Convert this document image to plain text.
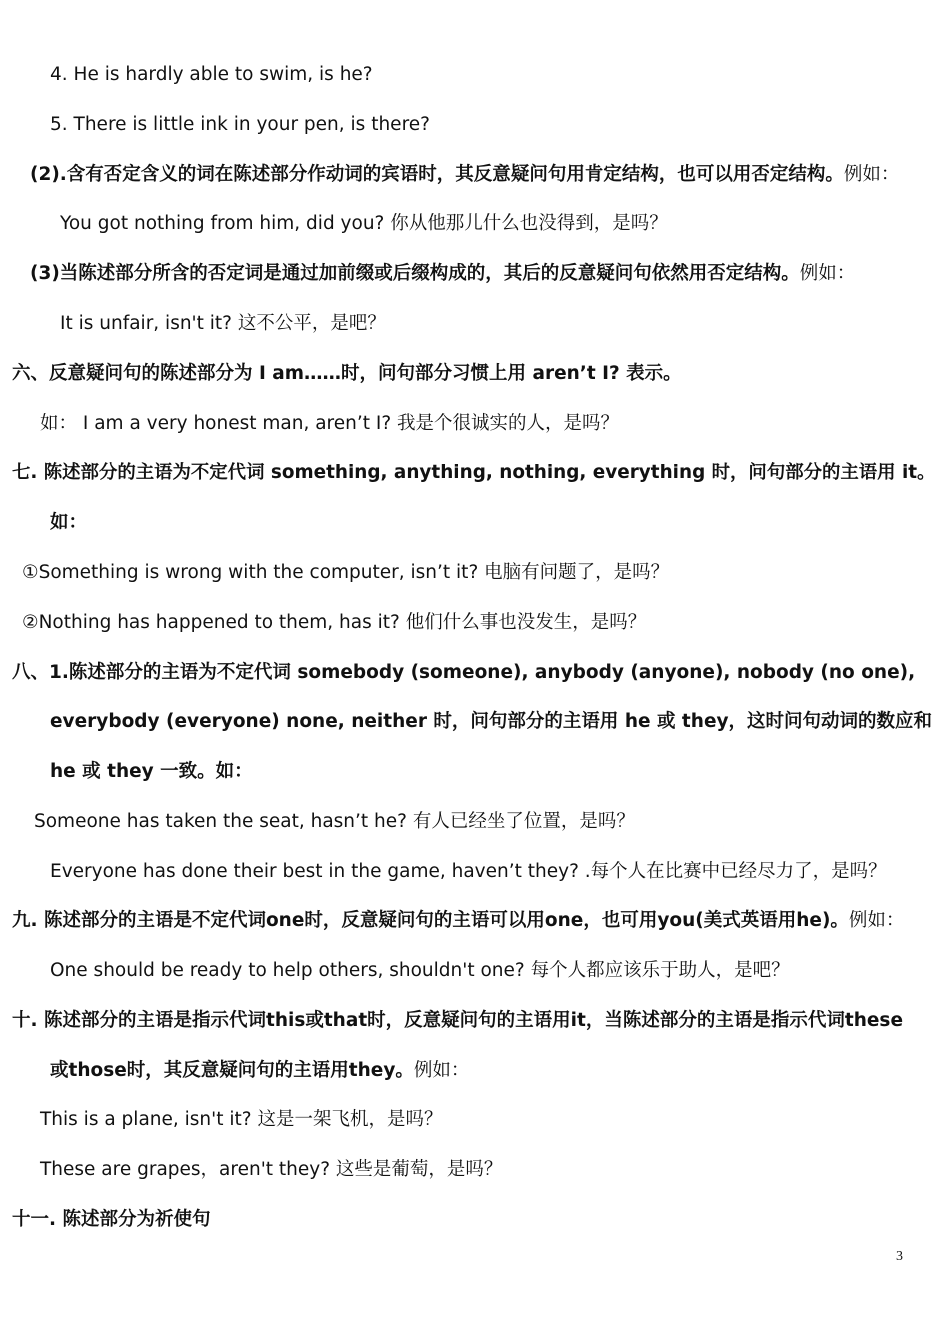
4. He is hardly able to swim, is he?
5. There is little ink in your pen, is there?
(2).含有否定含义的词在陈述部分作动词的宾语时，其反意疑问句用肯定结构，也可以用否定结构。例如：
You got nothing from him, did you? 你从他那儿什么也没得到，是吗？
(3)当陈述部分所含的否定词是通过加前缀或后缀构成的，其后的反意疑问句依然用否定结构。例如：
It is unfair, isn't it? 这不公平，是吧？
六、反意疑问句的陈述部分为 I am……时，问句部分习惯上用 aren’t I? 表示。
如： I am a very honest man, aren’t I? 我是个很诚实的人，是吗？
七. 陈述部分的主语为不定代词 something, anything, nothing, everything 时，问句部分的主语用 it。
如：
①Something is wrong with the computer, isn’t it? 电脑有问题了，是吗？
②Nothing has happened to them, has it? 他们什么事也没发生，是吗？
八、1.陈述部分的主语为不定代词 somebody (someone), anybody (anyone), nobody (no one),
everybody (everyone) none, neither 时，问句部分的主语用 he 或 they，这时问句动词的数应和
he 或 they 一致。如：
Someone has taken the seat, hasn’t he? 有人已经坐了位置，是吗？
Everyone has done their best in the game, haven’t they? .每个人在比赛中已经尽力了，是吗？
九. 陈述部分的主语是不定代词one时，反意疑问句的主语可以用one，也可用you(美式英语用he)。例如：
One should be ready to help others, shouldn't one? 每个人都应该乐于助人，是吧？
十. 陈述部分的主语是指示代词this或that时，反意疑问句的主语用it，当陈述部分的主语是指示代词these
或those时，其反意疑问句的主语用they。例如：
This is a plane, isn't it? 这是一架飞机，是吗？
These are grapes，aren't they? 这些是葡萄，是吗？
十一. 陈述部分为祈使句
3
